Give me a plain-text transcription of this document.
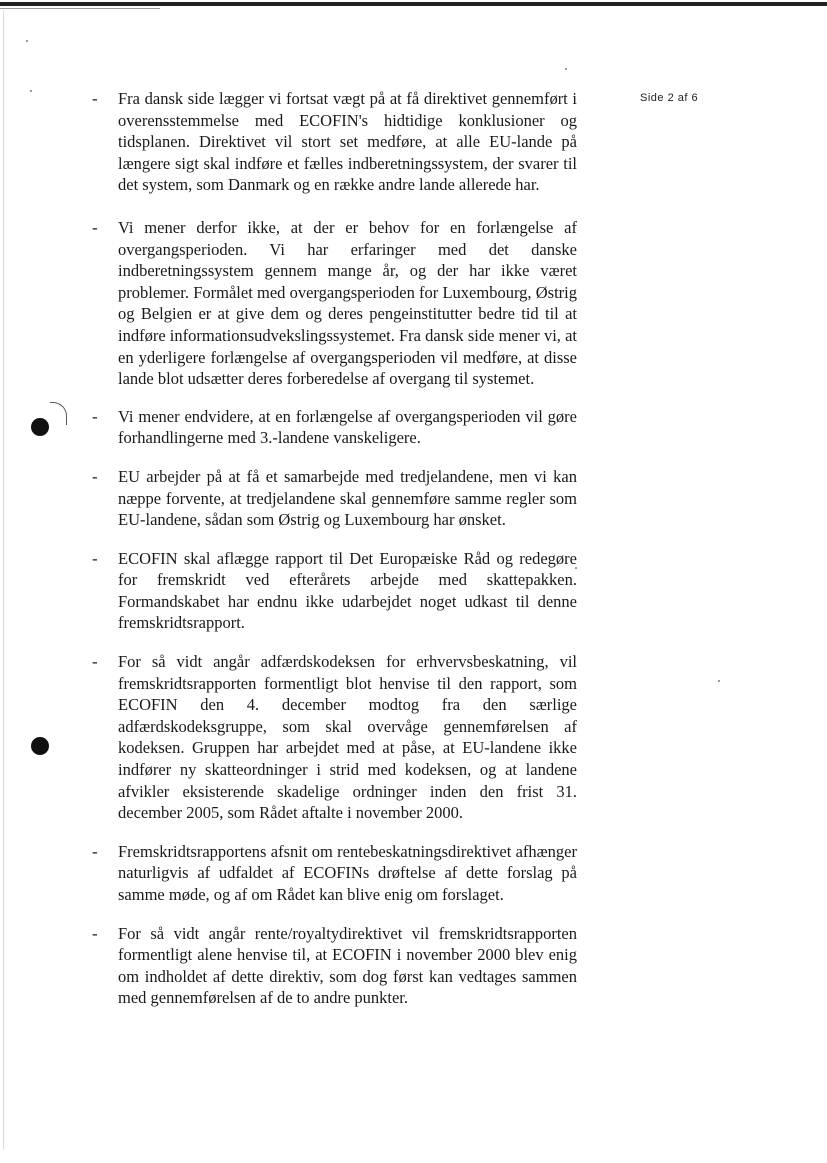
Side 2 af 6
- Fra dansk side lægger vi fortsat vægt på at få direktivet gennemført i overensstemmelse med ECOFIN's hidtidige konklusioner og tidsplanen. Direktivet vil stort set medføre, at alle EU-lande på længere sigt skal indføre et fælles indberetningssystem, der svarer til det system, som Danmark og en række andre lande allerede har.

- Vi mener derfor ikke, at der er behov for en forlængelse af overgangsperioden. Vi har erfaringer med det danske indberetningssystem gennem mange år, og der har ikke været problemer. Formålet med overgangsperioden for Luxembourg, Østrig og Belgien er at give dem og deres pengeinstitutter bedre tid til at indføre informationsudvekslingssystemet. Fra dansk side mener vi, at en yderligere forlængelse af overgangsperioden vil medføre, at disse lande blot udsætter deres forberedelse af overgang til systemet.

- Vi mener endvidere, at en forlængelse af overgangsperioden vil gøre forhandlingerne med 3.-landene vanskeligere.

- EU arbejder på at få et samarbejde med tredjelandene, men vi kan næppe forvente, at tredjelandene skal gennemføre samme regler som EU-landene, sådan som Østrig og Luxembourg har ønsket.

- ECOFIN skal aflægge rapport til Det Europæiske Råd og redegøre for fremskridt ved efterårets arbejde med skattepakken. Formandskabet har endnu ikke udarbejdet noget udkast til denne fremskridtsrapport.

- For så vidt angår adfærdskodeksen for erhvervsbeskatning, vil fremskridtsrapporten formentligt blot henvise til den rapport, som ECOFIN den 4. december modtog fra den særlige adfærdskodeksgruppe, som skal overvåge gennemførelsen af kodeksen. Gruppen har arbejdet med at påse, at EU-landene ikke indfører ny skatteordninger i strid med kodeksen, og at landene afvikler eksisterende skadelige ordninger inden den frist 31. december 2005, som Rådet aftalte i november 2000.

- Fremskridtsrapportens afsnit om rentebeskatningsdirektivet afhænger naturligvis af udfaldet af ECOFINs drøftelse af dette forslag på samme møde, og af om Rådet kan blive enig om forslaget.

- For så vidt angår rente/royaltydirektivet vil fremskridtsrapporten formentligt alene henvise til, at ECOFIN i november 2000 blev enig om indholdet af dette direktiv, som dog først kan vedtages sammen med gennemførelsen af de to andre punkter.
